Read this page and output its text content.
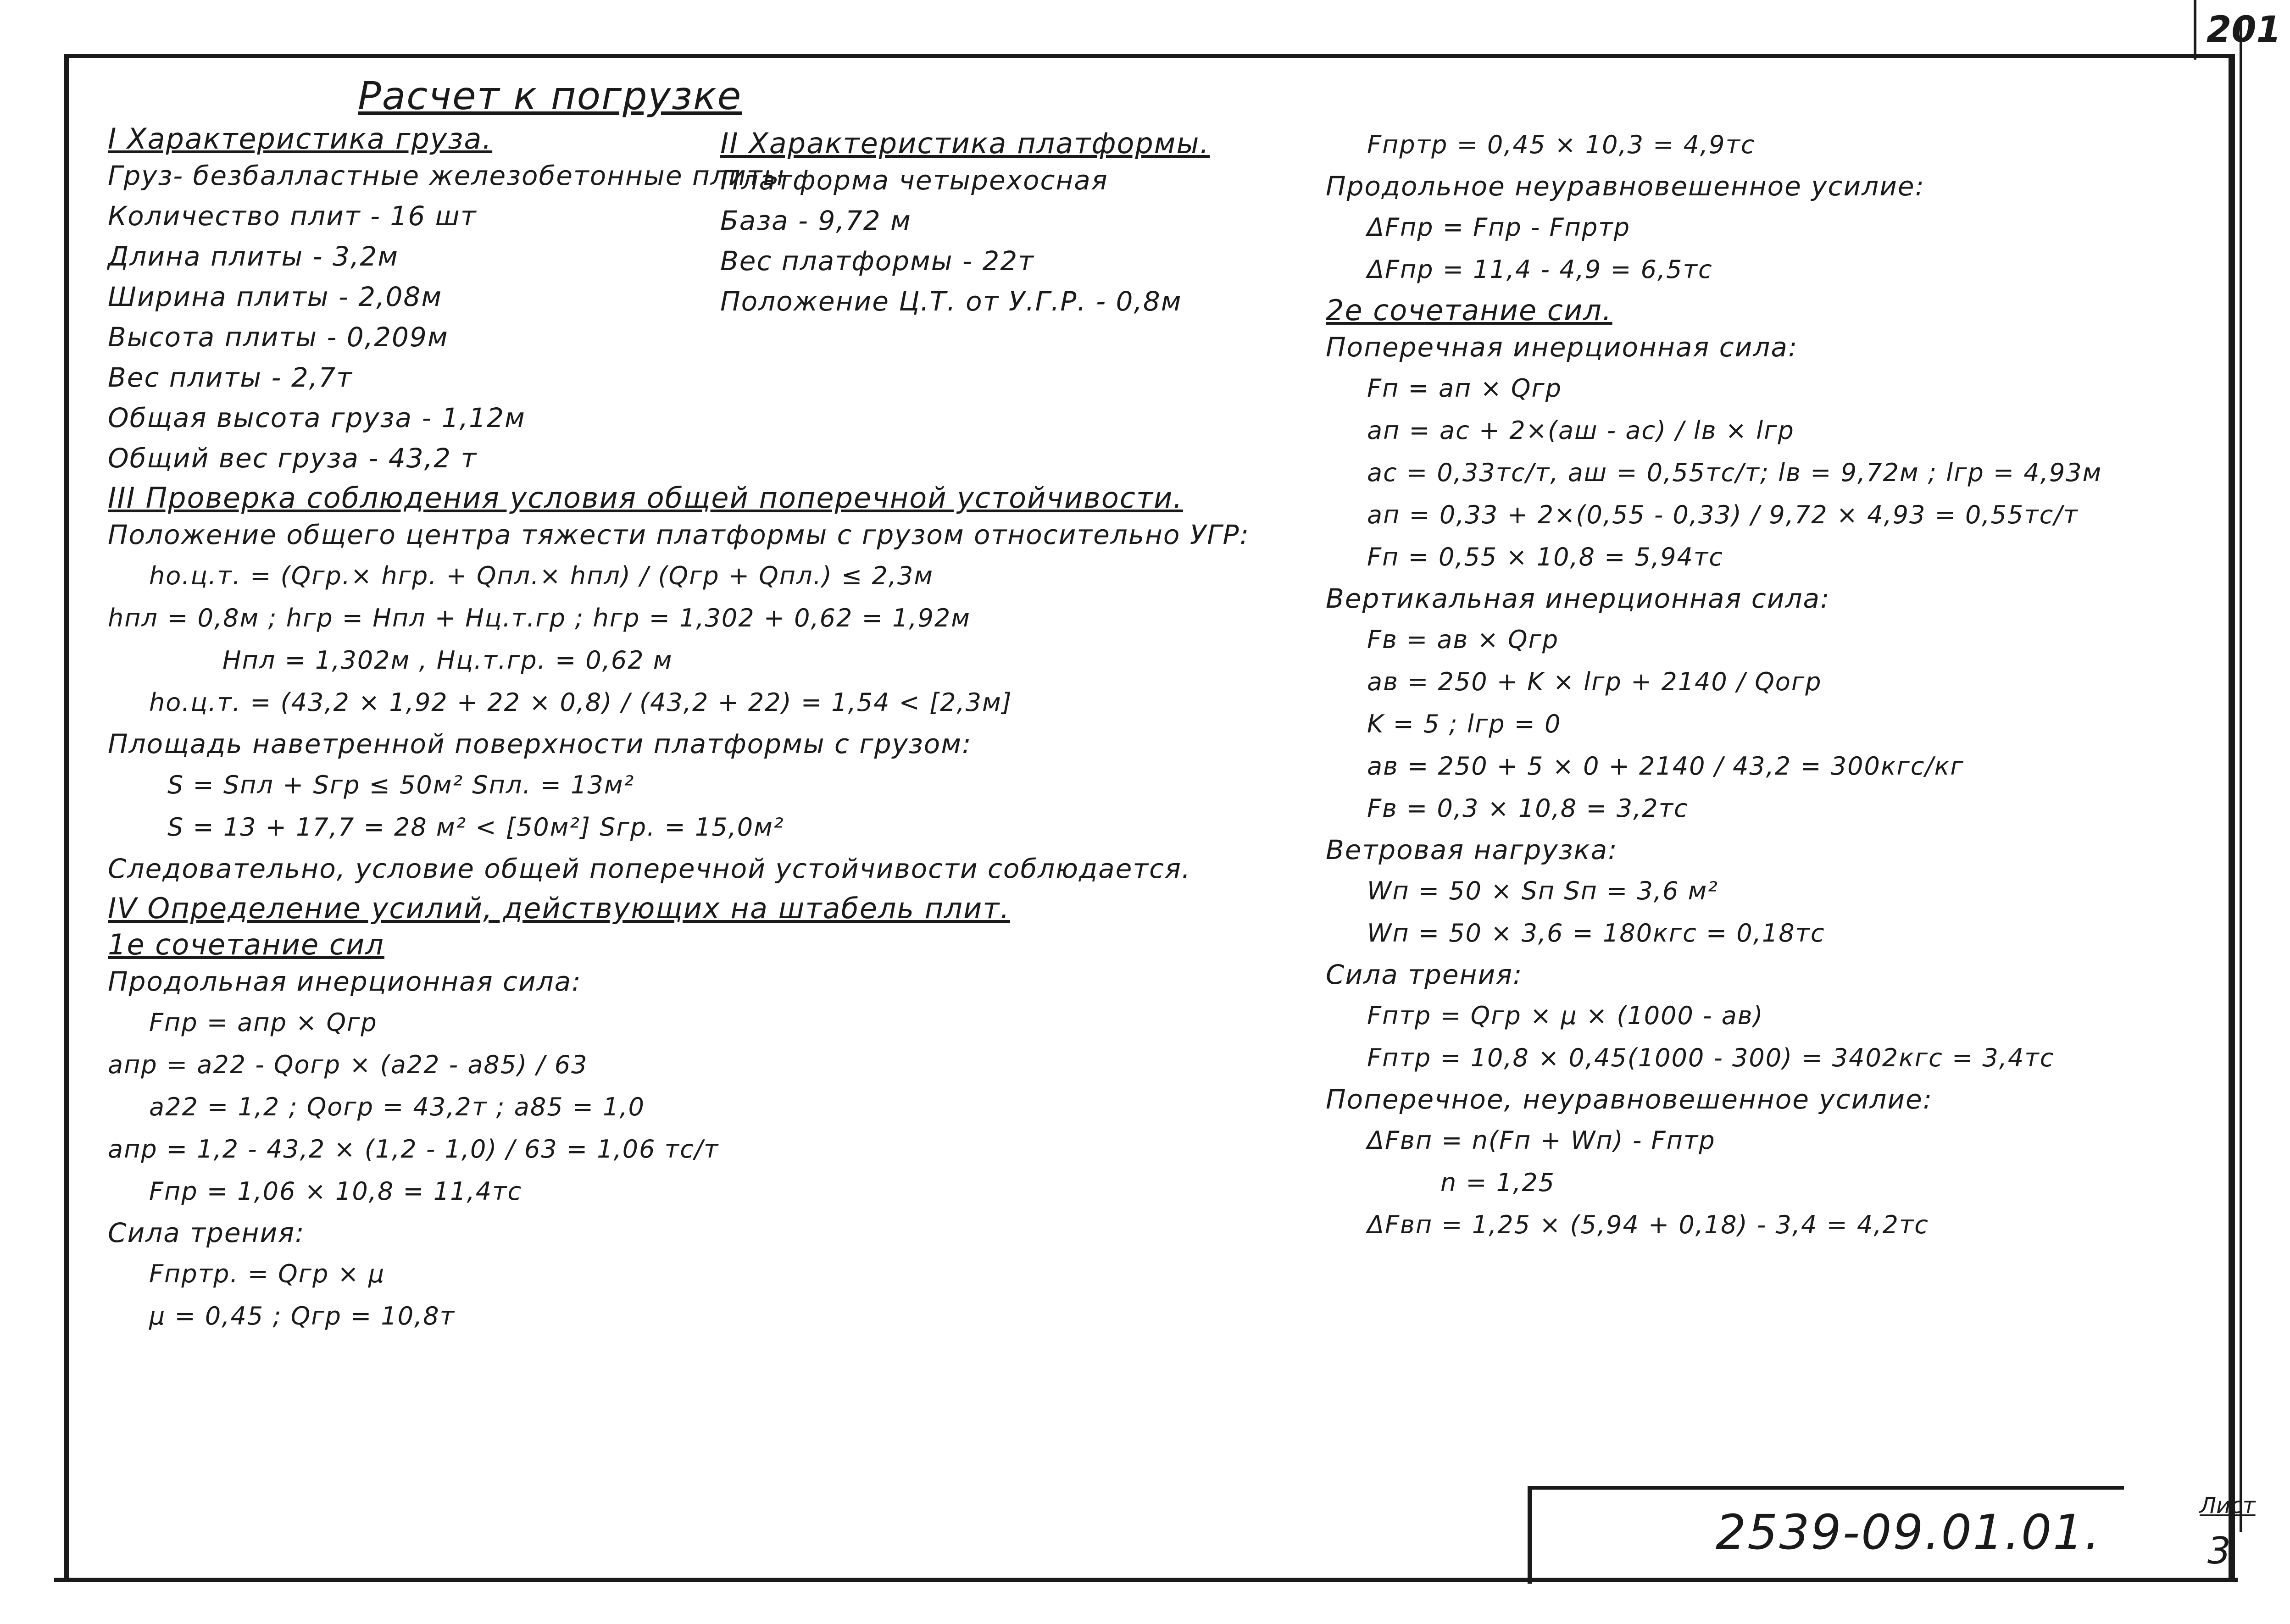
201
Расчет к погрузке
I Характеристика груза.
Груз- безбалластные железобетонные плиты
Количество плит - 16 шт
Длина плиты - 3,2м
Ширина плиты - 2,08м
Высота плиты - 0,209м
Вес плиты - 2,7т
Общая высота груза - 1,12м
Общий вес груза - 43,2 т
III Проверка соблюдения условия общей поперечной устойчивости.
Положение общего центра тяжести платформы с грузом относительно УГР:
hо.ц.т. = (Qгр.× hгр. + Qпл.× hпл) / (Qгр + Qпл.) ≤ 2,3м
hпл = 0,8м ; hгр = Hпл + Hц.т.гр ; hгр = 1,302 + 0,62 = 1,92м
Hпл = 1,302м , Hц.т.гр. = 0,62 м
hо.ц.т. = (43,2 × 1,92 + 22 × 0,8) / (43,2 + 22) = 1,54 < [2,3м]
Площадь наветренной поверхности платформы с грузом:
S = Sпл + Sгр ≤ 50м² Sпл. = 13м²
S = 13 + 17,7 = 28 м² < [50м²] Sгр. = 15,0м²
Следовательно, условие общей поперечной устойчивости соблюдается.
IV Определение усилий, действующих на штабель плит.
1е сочетание сил
Продольная инерционная сила:
Fпр = aпр × Qгр
aпр = a22 - Qогр × (a22 - a85) / 63
a22 = 1,2 ; Qогр = 43,2т ; a85 = 1,0
aпр = 1,2 - 43,2 × (1,2 - 1,0) / 63 = 1,06 тс/т
Fпр = 1,06 × 10,8 = 11,4тс
Сила трения:
Fпртр. = Qгр × μ
μ = 0,45 ; Qгр = 10,8т
II Характеристика платформы.
Платформа четырехосная
База - 9,72 м
Вес платформы - 22т
Положение Ц.Т. от У.Г.Р. - 0,8м
Fпртр = 0,45 × 10,3 = 4,9тс
Продольное неуравновешенное усилие:
ΔFпр = Fпр - Fпртр
ΔFпр = 11,4 - 4,9 = 6,5тс
2е сочетание сил.
Поперечная инерционная сила:
Fп = aп × Qгр
aп = aс + 2×(aш - aс) / lв × lгр
aс = 0,33тс/т, aш = 0,55тс/т; lв = 9,72м ; lгр = 4,93м
aп = 0,33 + 2×(0,55 - 0,33) / 9,72 × 4,93 = 0,55тс/т
Fп = 0,55 × 10,8 = 5,94тс
Вертикальная инерционная сила:
Fв = aв × Qгр
aв = 250 + K × lгр + 2140 / Qогр
K = 5 ; lгр = 0
aв = 250 + 5 × 0 + 2140 / 43,2 = 300кгс/кг
Fв = 0,3 × 10,8 = 3,2тс
Ветровая нагрузка:
Wп = 50 × Sп Sп = 3,6 м²
Wп = 50 × 3,6 = 180кгс = 0,18тс
Сила трения:
Fптр = Qгр × μ × (1000 - aв)
Fптр = 10,8 × 0,45(1000 - 300) = 3402кгс = 3,4тс
Поперечное, неуравновешенное усилие:
ΔFвп = n(Fп + Wп) - Fптр
n = 1,25
ΔFвп = 1,25 × (5,94 + 0,18) - 3,4 = 4,2тс
2539-09.01.01.	Лист
3
